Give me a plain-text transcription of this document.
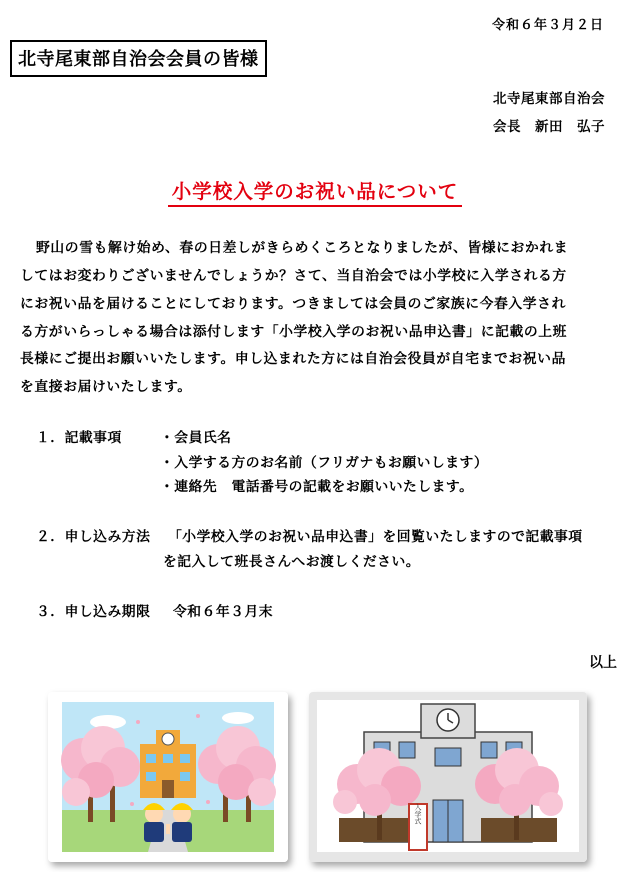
令和６年３月２日
北寺尾東部自治会会員の皆様
北寺尾東部自治会
会長　新田　弘子
小学校入学のお祝い品について
野山の雪も解け始め、春の日差しがきらめくころとなりましたが、皆様におかれま
してはお変わりございませんでしょうか？さて、当自治会では小学校に入学される方
にお祝い品を届けることにしております。つきましては会員のご家族に今春入学され
る方がいらっしゃる場合は添付します「小学校入学のお祝い品申込書」に記載の上班
長様にご提出お願いいたします。申し込まれた方には自治会役員が自宅までお祝い品
を直接お届けいたします。
１．記載事項	・会員氏名
・入学する方のお名前（フリガナもお願いします）
・連絡先　電話番号の記載をお願いいたします。
２．申し込み方法 「小学校入学のお祝い品申込書」を回覧いたしますので記載事項
を記入して班長さんへお渡しください。
３．申し込み期限 令和６年３月末
以上
入学式
